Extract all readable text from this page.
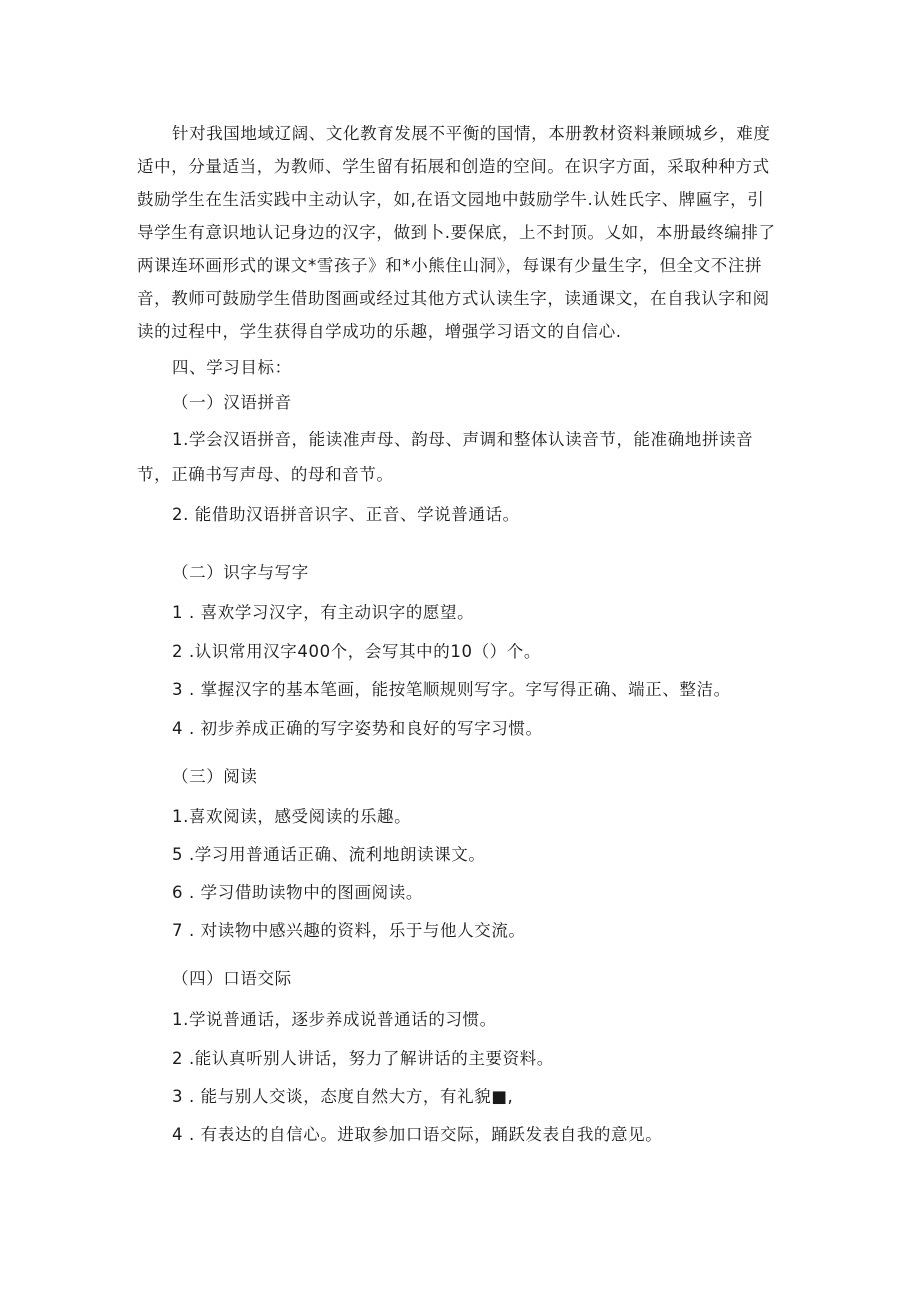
针对我国地域辽阔、文化教育发展不平衡的国情，本册教材资料兼顾城乡，难度

适中，分量适当，为教师、学生留有拓展和创造的空间。在识字方面，采取种种方式

鼓励学生在生活实践中主动认字，如,在语文园地中鼓励学牛.认姓氏字、牌匾字，引

导学生有意识地认记身边的汉字，做到卜.要保底，上不封顶。乂如，本册最终编排了

两课连环画形式的课文*雪孩子》和*小熊住山洞》，每课有少量生字，但全文不注拼

音，教师可鼓励学生借助图画或经过其他方式认读生字，读通课文，在自我认字和阅

读的过程中，学生获得自学成功的乐趣，增强学习语文的自信心.

四、学习目标：

（一）汉语拼音

1.学会汉语拼音，能读准声母、韵母、声调和整体认读音节，能准确地拼读音

节，正确书写声母、的母和音节。

2. 能借助汉语拼音识字、正音、学说普通话。

（二）识字与写字

1 . 喜欢学习汉字，有主动识字的愿望。

2 .认识常用汉字400个，会写其中的10（）个。

3 . 掌握汉字的基本笔画，能按笔顺规则写字。字写得正确、端正、整洁。

4 . 初步养成正确的写字姿势和良好的写字习惯。

（三）阅读

1.喜欢阅读，感受阅读的乐趣。

5 .学习用普通话正确、流利地朗读课文。

6 . 学习借助读物中的图画阅读。

7 . 对读物中感兴趣的资料，乐于与他人交流。

（四）口语交际

1.学说普通话，逐步养成说普通话的习惯。

2 .能认真听别人讲话，努力了解讲话的主要资料。

3 . 能与别人交谈，态度自然大方，有礼貌■,

4 . 有表达的自信心。进取参加口语交际，踊跃发表自我的意见。
